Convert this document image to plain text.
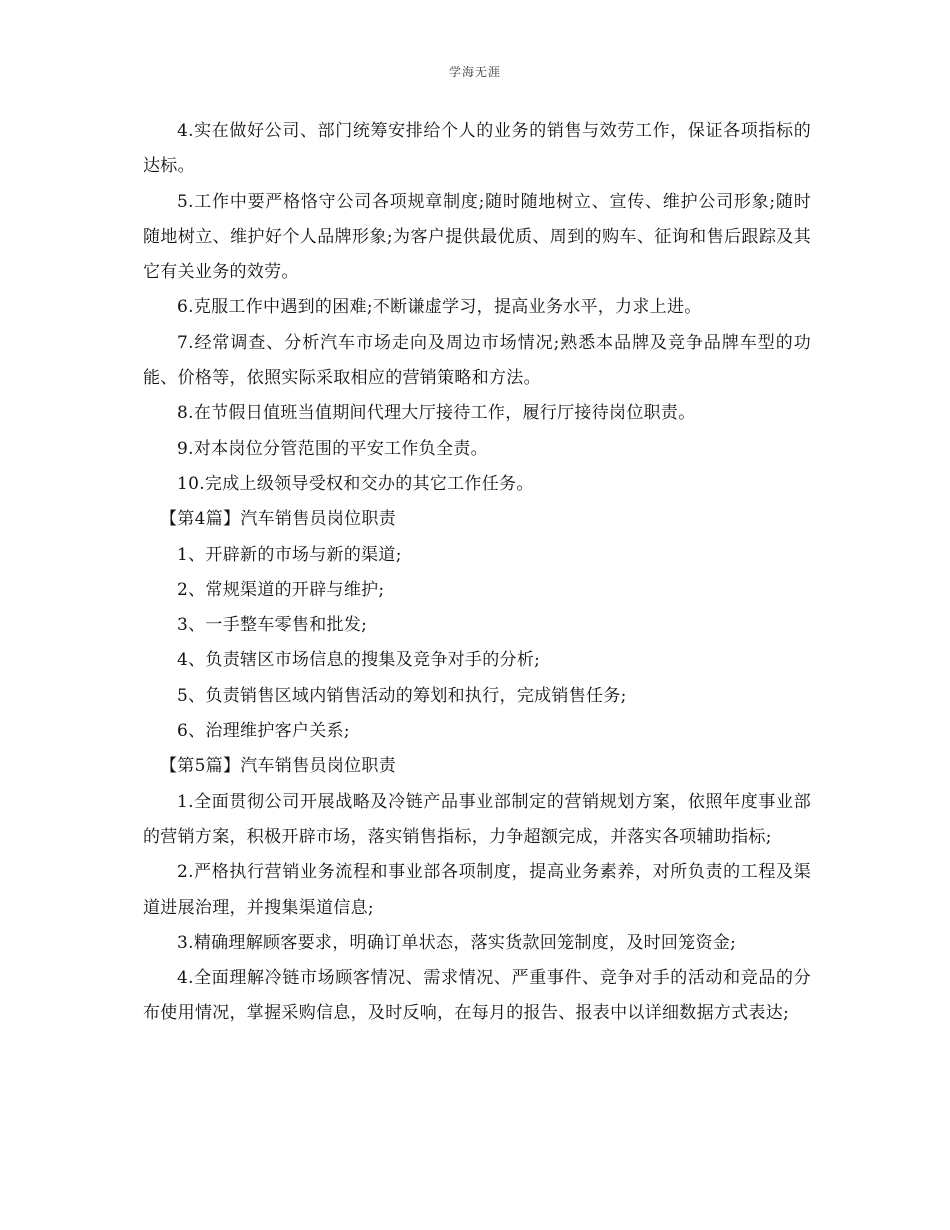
学海无涯

4.实在做好公司、部门统筹安排给个人的业务的销售与效劳工作，保证各项指标的达标。

5.工作中要严格恪守公司各项规章制度;随时随地树立、宣传、维护公司形象;随时随地树立、维护好个人品牌形象;为客户提供最优质、周到的购车、征询和售后跟踪及其它有关业务的效劳。

6.克服工作中遇到的困难;不断谦虚学习，提高业务水平，力求上进。

7.经常调查、分析汽车市场走向及周边市场情况;熟悉本品牌及竞争品牌车型的功能、价格等，依照实际采取相应的营销策略和方法。

8.在节假日值班当值期间代理大厅接待工作，履行厅接待岗位职责。

9.对本岗位分管范围的平安工作负全责。

10.完成上级领导受权和交办的其它工作任务。

【第4篇】汽车销售员岗位职责

1、开辟新的市场与新的渠道;

2、常规渠道的开辟与维护;

3、一手整车零售和批发;

4、负责辖区市场信息的搜集及竞争对手的分析;

5、负责销售区域内销售活动的筹划和执行，完成销售任务;

6、治理维护客户关系;

【第5篇】汽车销售员岗位职责

1.全面贯彻公司开展战略及冷链产品事业部制定的营销规划方案，依照年度事业部的营销方案，积极开辟市场，落实销售指标，力争超额完成，并落实各项辅助指标;

2.严格执行营销业务流程和事业部各项制度，提高业务素养，对所负责的工程及渠道进展治理，并搜集渠道信息;

3.精确理解顾客要求，明确订单状态，落实货款回笼制度，及时回笼资金;

4.全面理解冷链市场顾客情况、需求情况、严重事件、竞争对手的活动和竞品的分布使用情况，掌握采购信息，及时反响，在每月的报告、报表中以详细数据方式表达;
